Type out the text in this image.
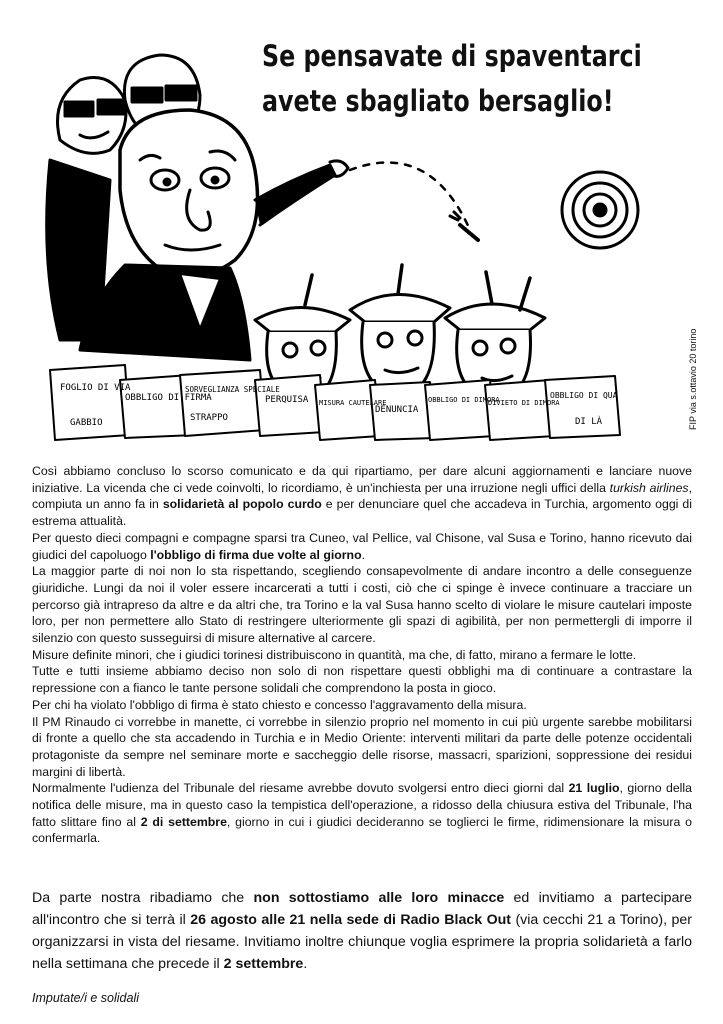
Se pensavate di spaventarci
avete sbagliato bersaglio!
FOGLIO DI VIA
GABBIO
OBBLIGO DI FIRMA
SORVEGLIANZA SPECIALE
STRAPPO
PERQUISA MISURA CAUTELARE
DENUNCIA
OBBLIGO DI DIMORA
DIVIETO DI DIMORA
OBBLIGO DI QUA
DI LÀ	FIP via s.ottavio 20 torino

Così abbiamo concluso lo scorso comunicato e da qui ripartiamo, per dare alcuni aggiornamenti e lanciare nuove iniziative. La vicenda che ci vede coinvolti, lo ricordiamo, è un'inchiesta per una irruzione negli uffici della turkish airlines, compiuta un anno fa in solidarietà al popolo curdo e per denunciare quel che accadeva in Turchia, argomento oggi di estrema attualità.

Per questo dieci compagni e compagne sparsi tra Cuneo, val Pellice, val Chisone, val Susa e Torino, hanno ricevuto dai giudici del capoluogo l'obbligo di firma due volte al giorno.

La maggior parte di noi non lo sta rispettando, scegliendo consapevolmente di andare incontro a delle conseguenze giuridiche. Lungi da noi il voler essere incarcerati a tutti i costi, ciò che ci spinge è invece continuare a tracciare un percorso già intrapreso da altre e da altri che, tra Torino e la val Susa hanno scelto di violare le misure cautelari imposte loro, per non permettere allo Stato di restringere ulteriormente gli spazi di agibilità, per non permettergli di imporre il silenzio con questo susseguirsi di misure alternative al carcere.

Misure definite minori, che i giudici torinesi distribuiscono in quantità, ma che, di fatto, mirano a fermare le lotte.

Tutte e tutti insieme abbiamo deciso non solo di non rispettare questi obblighi ma di continuare a contrastare la repressione con a fianco le tante persone solidali che comprendono la posta in gioco.

Per chi ha violato l'obbligo di firma è stato chiesto e concesso l'aggravamento della misura.

Il PM Rinaudo ci vorrebbe in manette, ci vorrebbe in silenzio proprio nel momento in cui più urgente sarebbe mobilitarsi di fronte a quello che sta accadendo in Turchia e in Medio Oriente: interventi militari da parte delle potenze occidentali protagoniste da sempre nel seminare morte e saccheggio delle risorse, massacri, sparizioni, soppressione dei residui margini di libertà.

Normalmente l'udienza del Tribunale del riesame avrebbe dovuto svolgersi entro dieci giorni dal 21 luglio, giorno della notifica delle misure, ma in questo caso la tempistica dell'operazione, a ridosso della chiusura estiva del Tribunale, l'ha fatto slittare fino al 2 di settembre, giorno in cui i giudici decideranno se toglierci le firme, ridimensionare la misura o confermarla.

Da parte nostra ribadiamo che non sottostiamo alle loro minacce ed invitiamo a partecipare all'incontro che si terrà il 26 agosto alle 21 nella sede di Radio Black Out (via cecchi 21 a Torino), per organizzarsi in vista del riesame. Invitiamo inoltre chiunque voglia esprimere la propria solidarietà a farlo nella settimana che precede il 2 settembre.

Imputate/i e solidali
